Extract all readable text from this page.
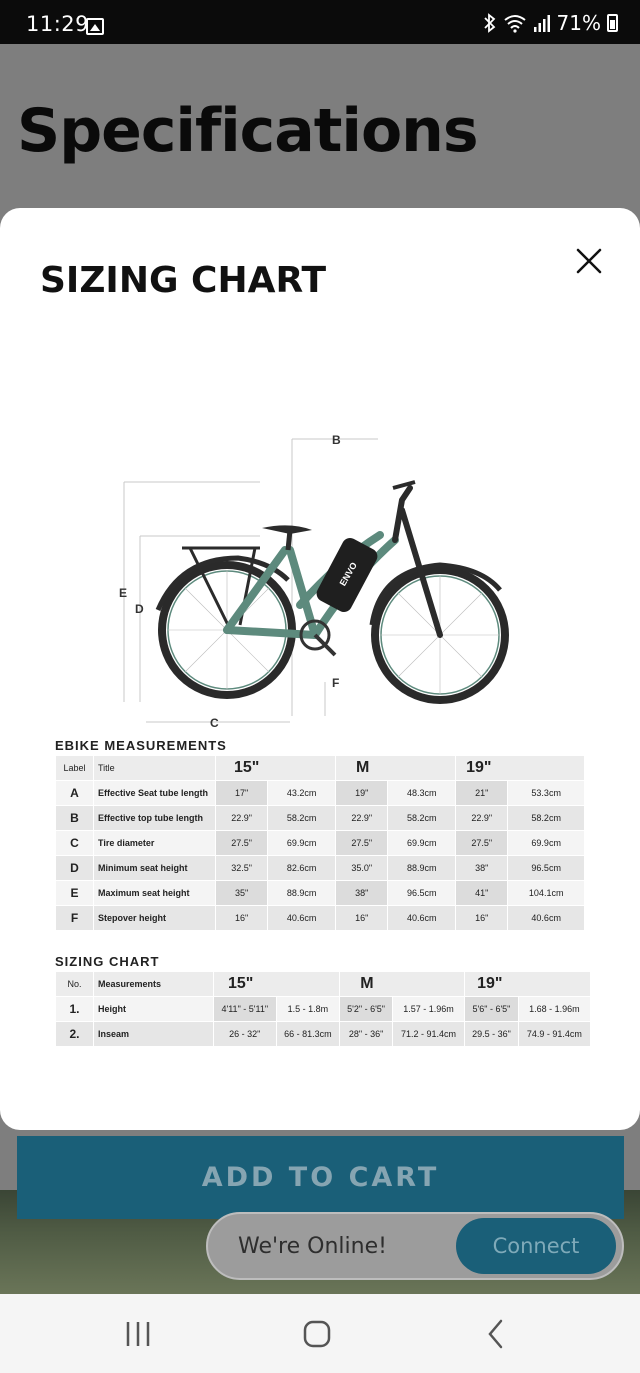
11:29	71%
Specifications
ADD TO CART
We're Online!	Connect
SIZING CHART
B
E
D
A
F
C
ENVO
EBIKE MEASUREMENTS
Label	Title	15"		M		19"	
A	Effective Seat tube length	17"	43.2cm	19"	48.3cm	21"	53.3cm
B	Effective top tube length	22.9"	58.2cm	22.9"	58.2cm	22.9"	58.2cm
C	Tire diameter	27.5"	69.9cm	27.5"	69.9cm	27.5"	69.9cm
D	Minimum seat height	32.5"	82.6cm	35.0"	88.9cm	38"	96.5cm
E	Maximum seat height	35"	88.9cm	38"	96.5cm	41"	104.1cm
F	Stepover height	16"	40.6cm	16"	40.6cm	16"	40.6cm
SIZING CHART
No.	Measurements	15"		M		19"	
1.	Height	4'11" - 5'11"	1.5 - 1.8m	5'2" - 6'5"	1.57 - 1.96m	5'6" - 6'5"	1.68 - 1.96m
2.	Inseam	26 - 32"	66 - 81.3cm	28" - 36"	71.2 - 91.4cm	29.5 - 36"	74.9 - 91.4cm
